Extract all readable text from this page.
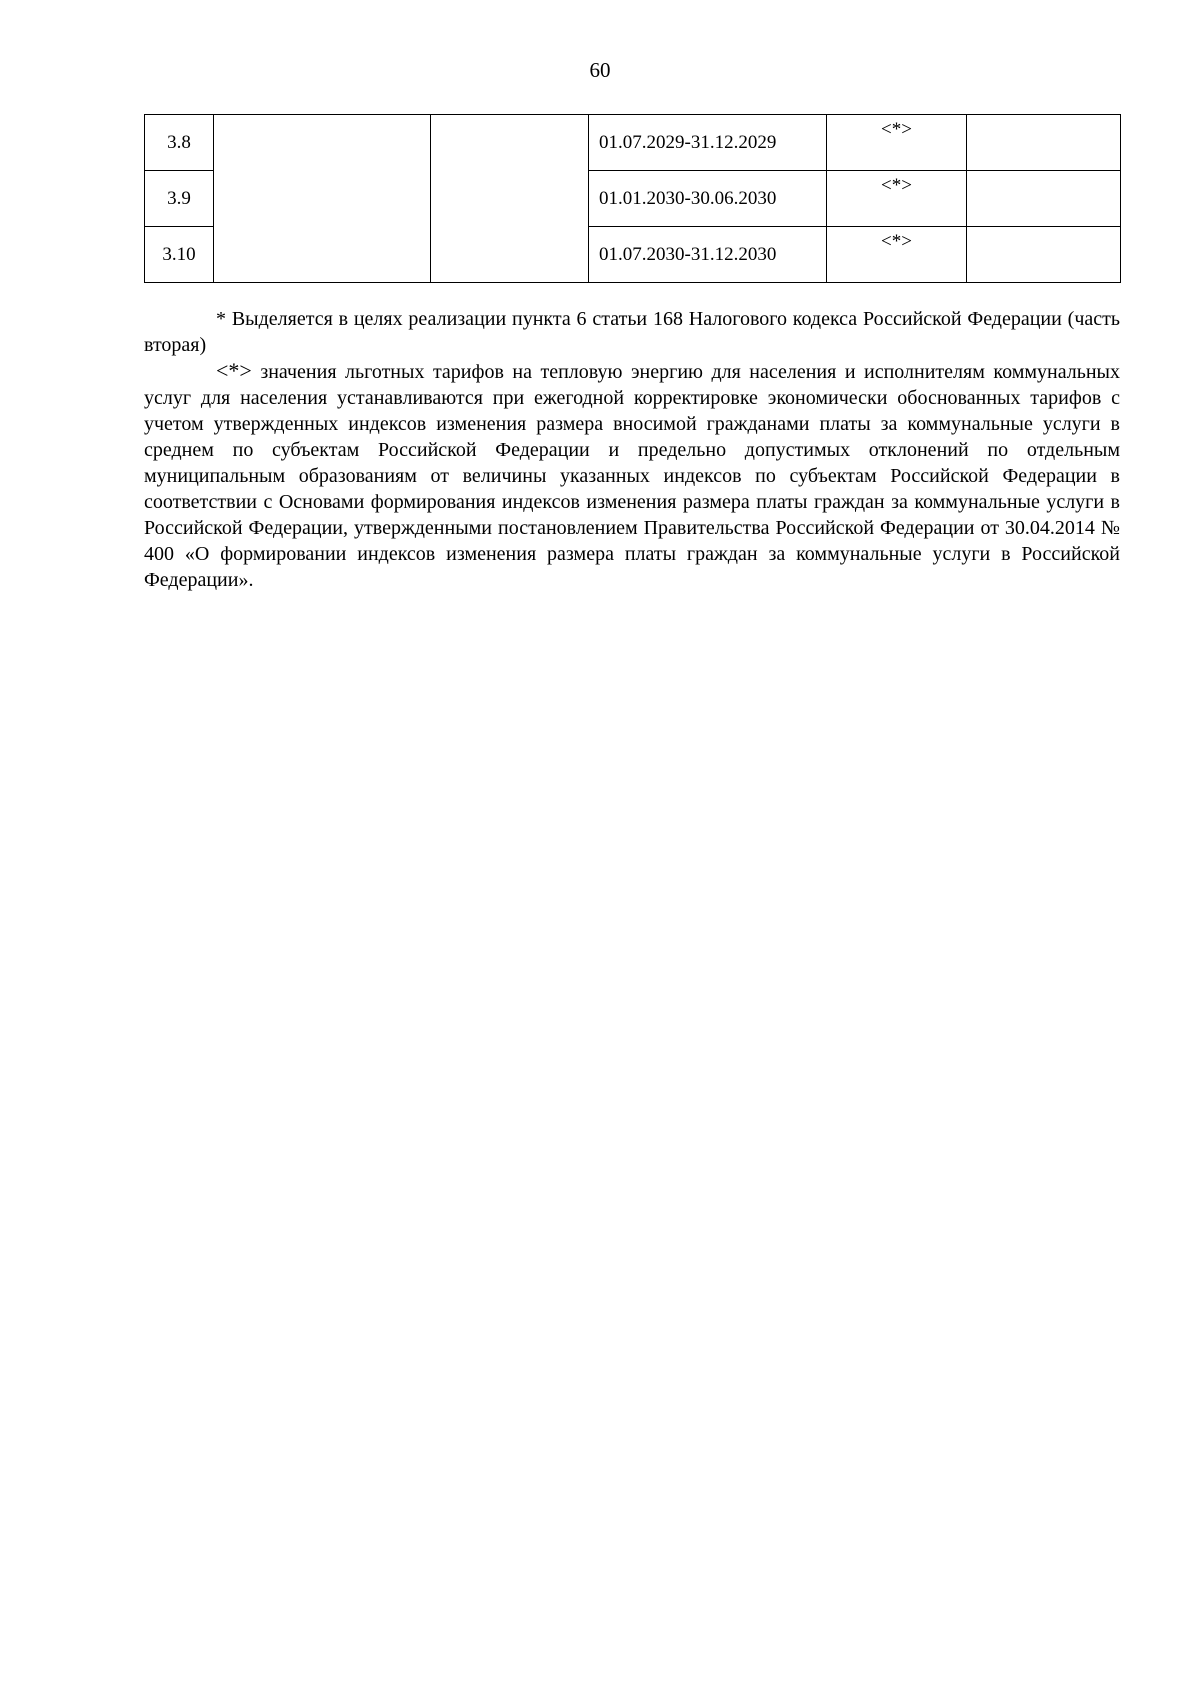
60
3.8			01.07.2029-31.12.2029	<*>	
3.9			01.01.2030-30.06.2030	<*>	
3.10			01.07.2030-31.12.2030	<*>	

* Выделяется в целях реализации пункта 6 статьи 168 Налогового кодекса Российской Федерации (часть вторая)

<*> значения льготных тарифов на тепловую энергию для населения и исполнителям коммунальных услуг для населения устанавливаются при ежегодной корректировке экономически обоснованных тарифов с учетом утвержденных индексов изменения размера вносимой гражданами платы за коммунальные услуги в среднем по субъектам Российской Федерации и предельно допустимых отклонений по отдельным муниципальным образованиям от величины указанных индексов по субъектам Российской Федерации в соответствии с Основами формирования индексов изменения размера платы граждан за коммунальные услуги в Российской Федерации, утвержденными постановлением Правительства Российской Федерации от 30.04.2014 № 400 «О формировании индексов изменения размера платы граждан за коммунальные услуги в Российской Федерации».
